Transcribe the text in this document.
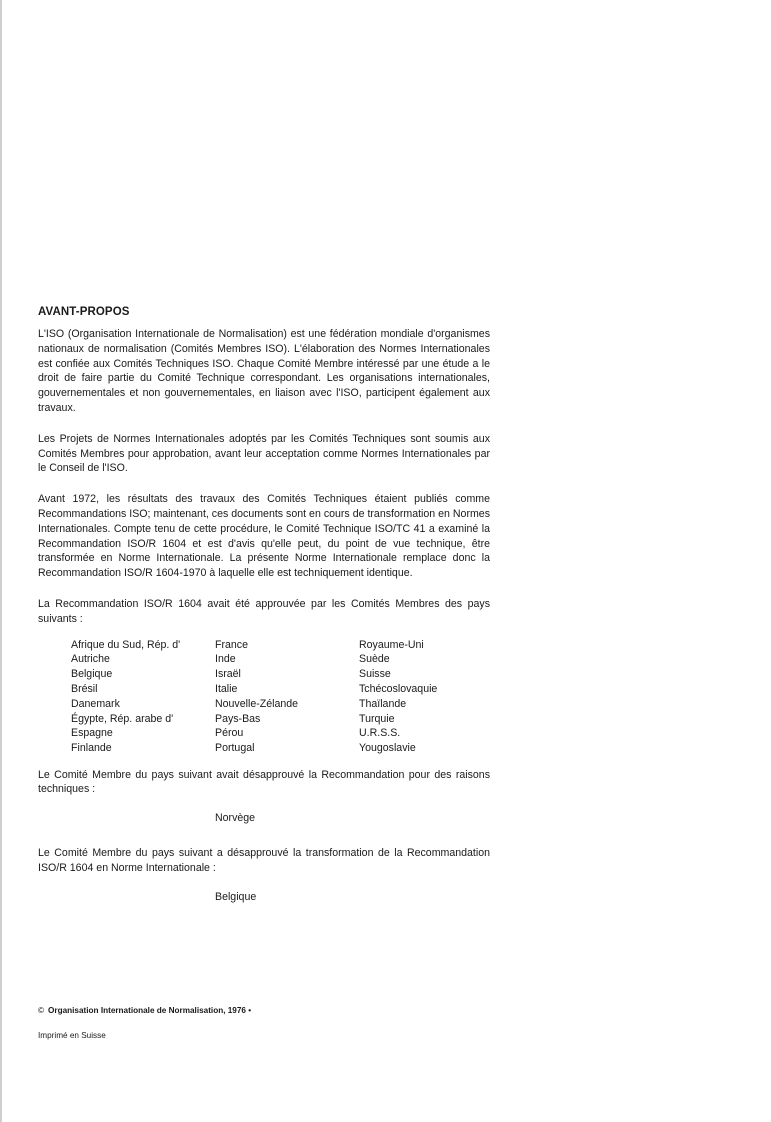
AVANT-PROPOS

L'ISO (Organisation Internationale de Normalisation) est une fédération mondiale d'organismes nationaux de normalisation (Comités Membres ISO). L'élaboration des Normes Internationales est confiée aux Comités Techniques ISO. Chaque Comité Membre intéressé par une étude a le droit de faire partie du Comité Technique correspondant. Les organisations internationales, gouvernementales et non gouvernementales, en liaison avec l'ISO, participent également aux travaux.

Les Projets de Normes Internationales adoptés par les Comités Techniques sont soumis aux Comités Membres pour approbation, avant leur acceptation comme Normes Internationales par le Conseil de l'ISO.

Avant 1972, les résultats des travaux des Comités Techniques étaient publiés comme Recommandations ISO; maintenant, ces documents sont en cours de transformation en Normes Internationales. Compte tenu de cette procédure, le Comité Technique ISO/TC 41 a examiné la Recommandation ISO/R 1604 et est d'avis qu'elle peut, du point de vue technique, être transformée en Norme Internationale. La présente Norme Internationale remplace donc la Recommandation ISO/R 1604-1970 à laquelle elle est techniquement identique.

La Recommandation ISO/R 1604 avait été approuvée par les Comités Membres des pays suivants :

Afrique du Sud, Rép. d'
Autriche
Belgique
Brésil
Danemark
Égypte, Rép. arabe d'
Espagne
Finlande
France
Inde
Israël
Italie
Nouvelle-Zélande
Pays-Bas
Pérou
Portugal
Royaume-Uni
Suède
Suisse
Tchécoslovaquie
Thaïlande
Turquie
U.R.S.S.
Yougoslavie

Le Comité Membre du pays suivant avait désapprouvé la Recommandation pour des raisons techniques :

Norvège

Le Comité Membre du pays suivant a désapprouvé la transformation de la Recommandation ISO/R 1604 en Norme Internationale :

Belgique
© Organisation Internationale de Normalisation, 1976 •
Imprimé en Suisse
